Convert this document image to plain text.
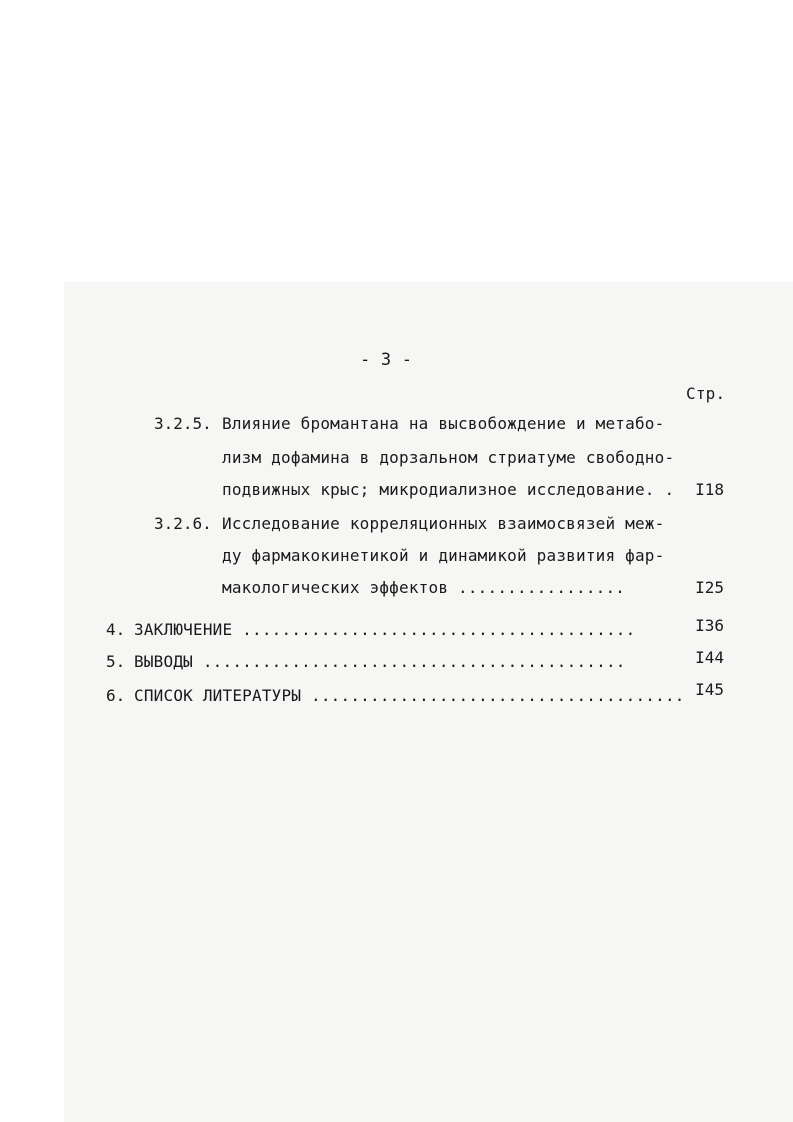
- 3 -
Стр.
3.2.5. Влияние бромантана на высвобождение и метабо-
лизм дофамина в дорзальном стриатуме свободно-
подвижных крыс; микродиализное исследование. .	I18
3.2.6. Исследование корреляционных взаимосвязей меж-
ду фармакокинетикой и динамикой развития фар-
макологических эффектов .................	I25
4. ЗАКЛЮЧЕНИЕ ........................................	I36
5. ВЫВОДЫ ...........................................	I44
6. СПИСОК ЛИТЕРАТУРЫ ...................................... I45
